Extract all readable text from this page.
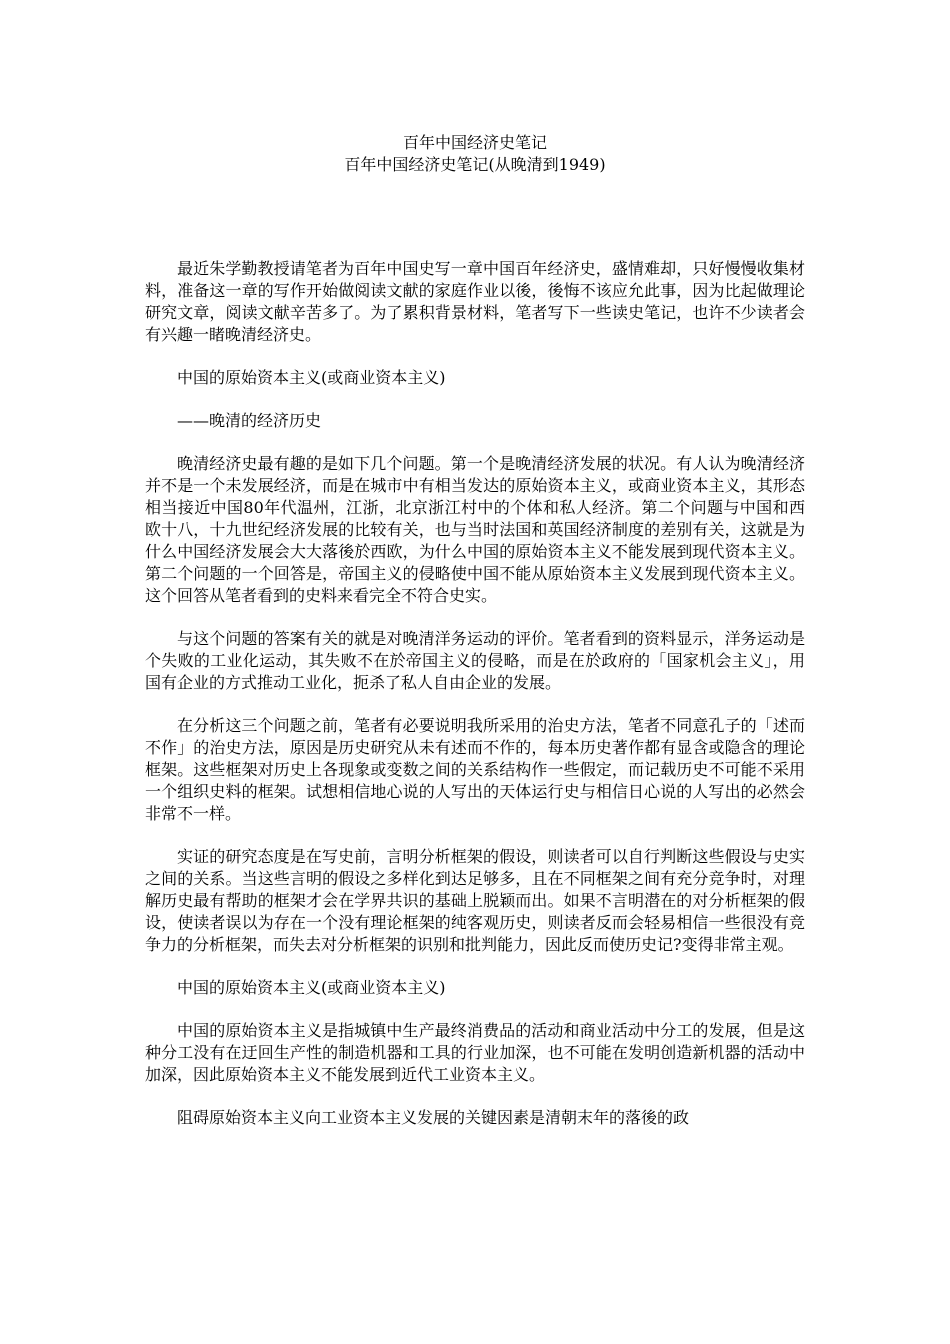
百年中国经济史笔记
百年中国经济史笔记(从晚清到1949)

最近朱学勤教授请笔者为百年中国史写一章中国百年经济史，盛情难却，只好慢慢收集材料，准备这一章的写作开始做阅读文献的家庭作业以後，後悔不该应允此事，因为比起做理论研究文章，阅读文献辛苦多了。为了累积背景材料，笔者写下一些读史笔记，也许不少读者会有兴趣一睹晚清经济史。

中国的原始资本主义(或商业资本主义)

——晚清的经济历史

晚清经济史最有趣的是如下几个问题。第一个是晚清经济发展的状况。有人认为晚清经济并不是一个未发展经济，而是在城市中有相当发达的原始资本主义，或商业资本主义，其形态相当接近中国80年代温州，江浙，北京浙江村中的个体和私人经济。第二个问题与中国和西欧十八，十九世纪经济发展的比较有关，也与当时法国和英国经济制度的差别有关，这就是为什么中国经济发展会大大落後於西欧，为什么中国的原始资本主义不能发展到现代资本主义。第二个问题的一个回答是，帝国主义的侵略使中国不能从原始资本主义发展到现代资本主义。这个回答从笔者看到的史料来看完全不符合史实。

与这个问题的答案有关的就是对晚清洋务运动的评价。笔者看到的资料显示，洋务运动是个失败的工业化运动，其失败不在於帝国主义的侵略，而是在於政府的「国家机会主义」，用国有企业的方式推动工业化，扼杀了私人自由企业的发展。

在分析这三个问题之前，笔者有必要说明我所采用的治史方法，笔者不同意孔子的「述而不作」的治史方法，原因是历史研究从未有述而不作的，每本历史著作都有显含或隐含的理论框架。这些框架对历史上各现象或变数之间的关系结构作一些假定，而记载历史不可能不采用一个组织史料的框架。试想相信地心说的人写出的天体运行史与相信日心说的人写出的必然会非常不一样。

实证的研究态度是在写史前，言明分析框架的假设，则读者可以自行判断这些假设与史实之间的关系。当这些言明的假设之多样化到达足够多，且在不同框架之间有充分竞争时，对理解历史最有帮助的框架才会在学界共识的基础上脱颖而出。如果不言明潜在的对分析框架的假设，使读者误以为存在一个没有理论框架的纯客观历史，则读者反而会轻易相信一些很没有竞争力的分析框架，而失去对分析框架的识别和批判能力，因此反而使历史记?变得非常主观。

中国的原始资本主义(或商业资本主义)

中国的原始资本主义是指城镇中生产最终消费品的活动和商业活动中分工的发展，但是这种分工没有在迂回生产性的制造机器和工具的行业加深，也不可能在发明创造新机器的活动中加深，因此原始资本主义不能发展到近代工业资本主义。

阻碍原始资本主义向工业资本主义发展的关键因素是清朝末年的落後的政
